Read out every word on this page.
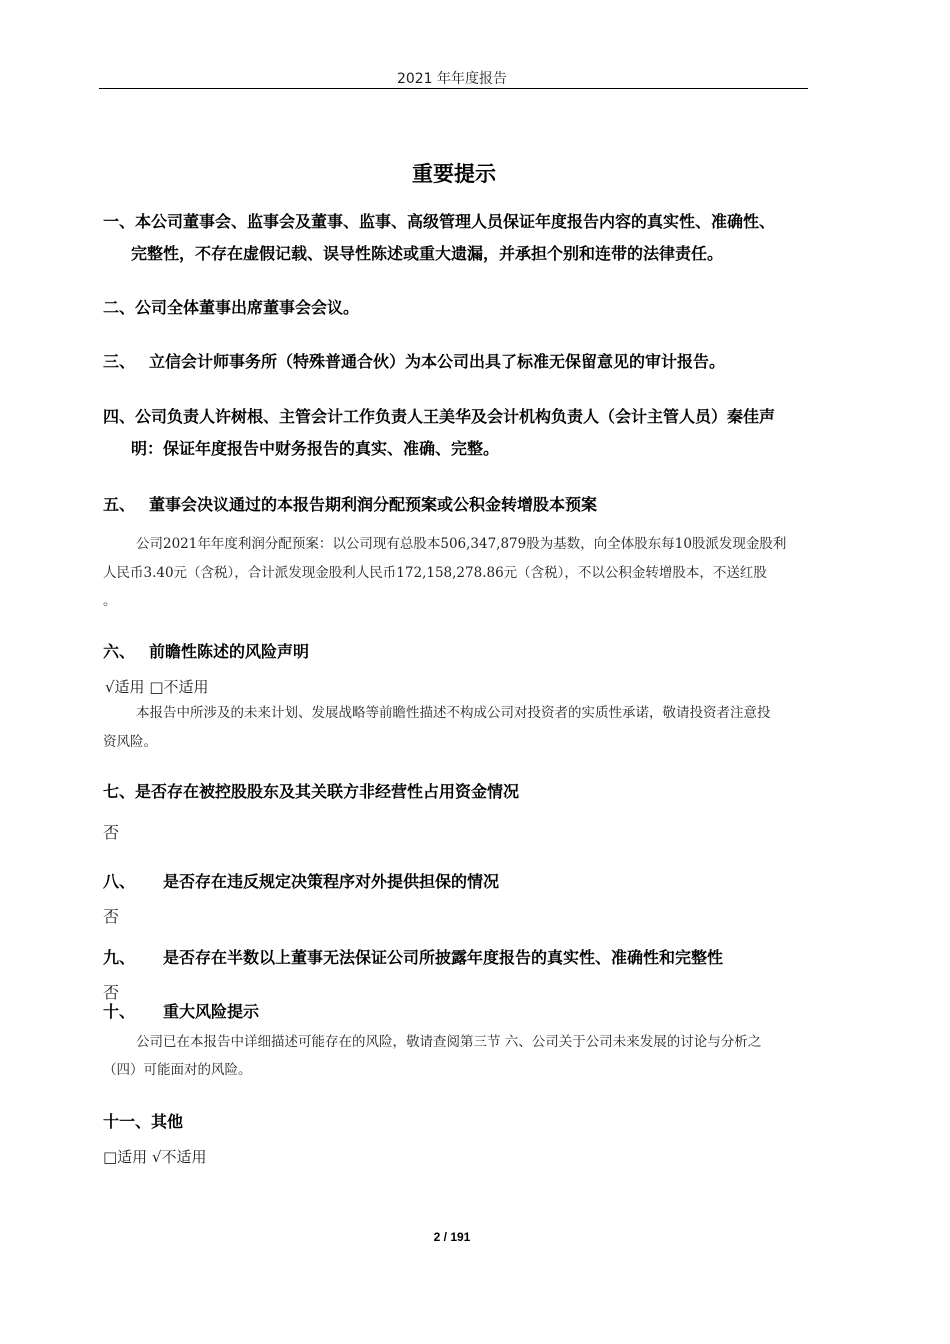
2021 年年度报告
重要提示
一、本公司董事会、监事会及董事、监事、高级管理人员保证年度报告内容的真实性、准确性、
完整性，不存在虚假记载、误导性陈述或重大遗漏，并承担个别和连带的法律责任。
二、公司全体董事出席董事会会议。
三、 立信会计师事务所（特殊普通合伙）为本公司出具了标准无保留意见的审计报告。
四、公司负责人许树根、主管会计工作负责人王美华及会计机构负责人（会计主管人员）秦佳声
明：保证年度报告中财务报告的真实、准确、完整。
五、 董事会决议通过的本报告期利润分配预案或公积金转增股本预案
公司2021年年度利润分配预案：以公司现有总股本506,347,879股为基数，向全体股东每10股派发现金股利
人民币3.40元（含税），合计派发现金股利人民币172,158,278.86元（含税），不以公积金转增股本，不送红股
。
六、 前瞻性陈述的风险声明
√适用 □不适用
本报告中所涉及的未来计划、发展战略等前瞻性描述不构成公司对投资者的实质性承诺，敬请投资者注意投
资风险。
七、是否存在被控股股东及其关联方非经营性占用资金情况
否
八、 是否存在违反规定决策程序对外提供担保的情况
否
九、 是否存在半数以上董事无法保证公司所披露年度报告的真实性、准确性和完整性
否
十、 重大风险提示
公司已在本报告中详细描述可能存在的风险，敬请查阅第三节 六、公司关于公司未来发展的讨论与分析之
（四）可能面对的风险。
十一、其他
□适用 √不适用
2 / 191
